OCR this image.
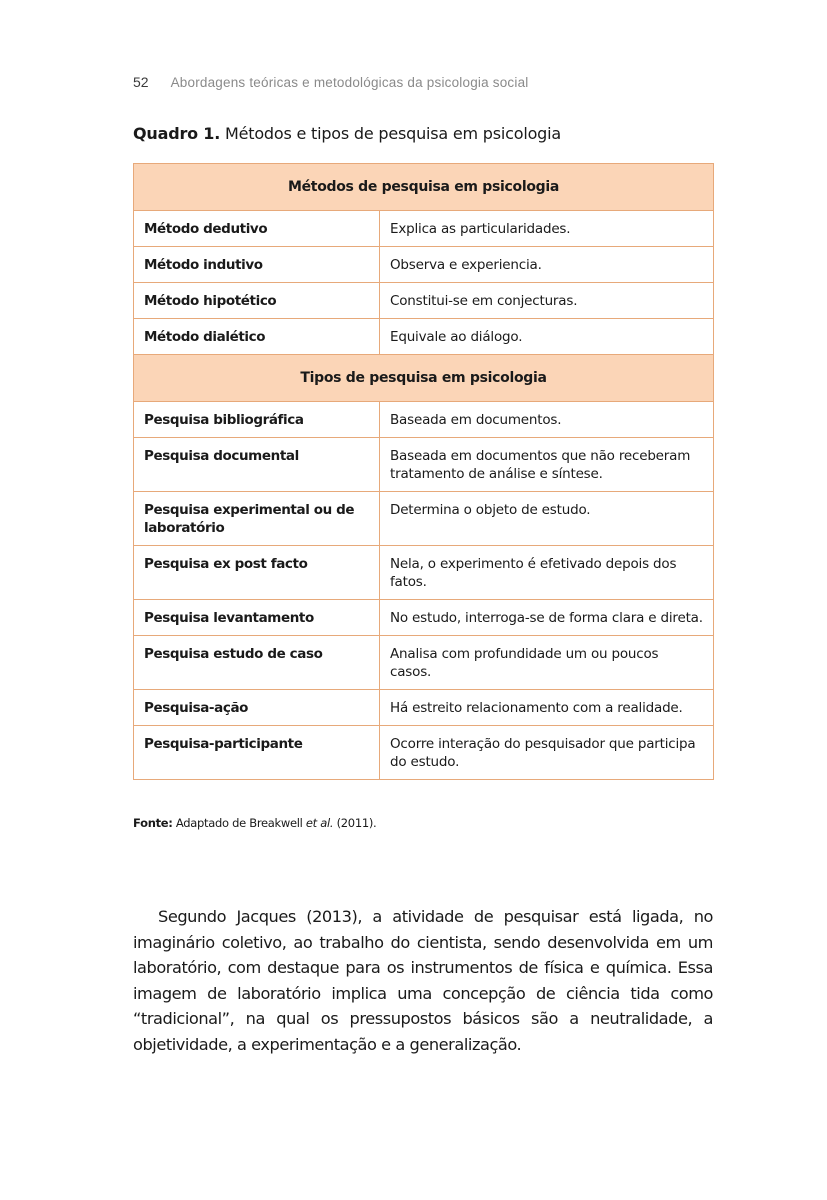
52 Abordagens teóricas e metodológicas da psicologia social
Quadro 1. Métodos e tipos de pesquisa em psicologia
Métodos de pesquisa em psicologia	
Método dedutivo	Explica as particularidades.
Método indutivo	Observa e experiencia.
Método hipotético	Constitui-se em conjecturas.
Método dialético	Equivale ao diálogo.
Tipos de pesquisa em psicologia	
Pesquisa bibliográfica	Baseada em documentos.
Pesquisa documental	Baseada em documentos que não receberam tratamento de análise e síntese.
Pesquisa experimental ou de laboratório	Determina o objeto de estudo.
Pesquisa ex post facto	Nela, o experimento é efetivado depois dos fatos.
Pesquisa levantamento	No estudo, interroga-se de forma clara e direta.
Pesquisa estudo de caso	Analisa com profundidade um ou poucos casos.
Pesquisa-ação	Há estreito relacionamento com a realidade.
Pesquisa-participante	Ocorre interação do pesquisador que participa do estudo.
Fonte: Adaptado de Breakwell et al. (2011).

Segundo Jacques (2013), a atividade de pesquisar está ligada, no imaginário coletivo, ao trabalho do cientista, sendo desenvolvida em um laboratório, com destaque para os instrumentos de física e química. Essa imagem de laboratório implica uma concepção de ciência tida como “tradicional”, na qual os pressupostos básicos são a neutralidade, a objetividade, a experimentação e a generalização.
